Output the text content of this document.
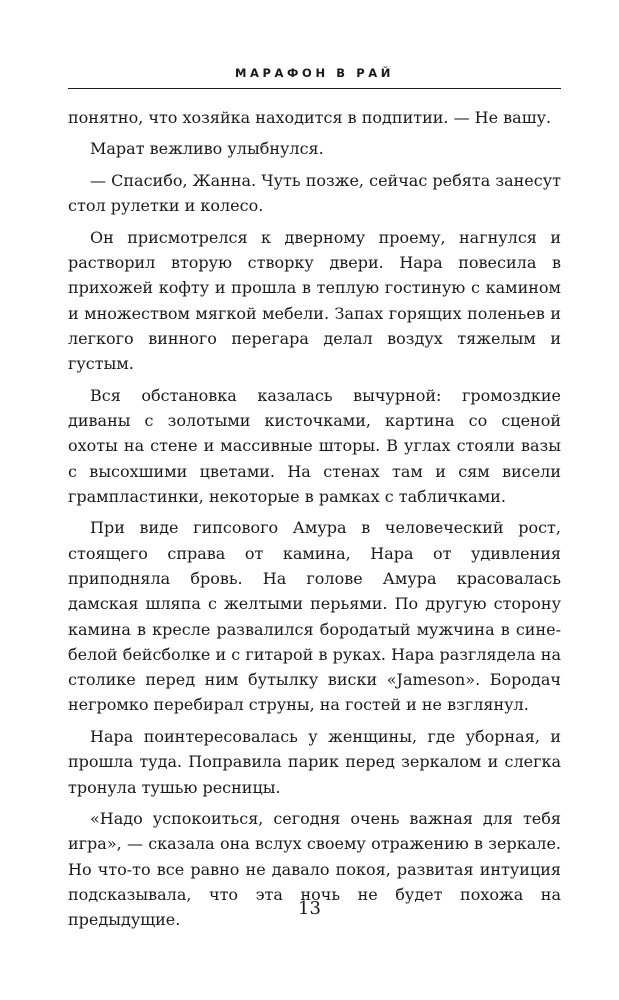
МАРАФОН В РАЙ

понятно, что хозяйка находится в подпитии. — Не вашу.

Марат вежливо улыбнулся.

— Спасибо, Жанна. Чуть позже, сейчас ребята занесут стол рулетки и колесо.

Он присмотрелся к дверному проему, нагнулся и растворил вторую створку двери. Нара повесила в прихожей кофту и прошла в теплую гостиную с камином и множеством мягкой мебели. Запах горящих поленьев и легкого винного перегара делал воздух тяжелым и густым.

Вся обстановка казалась вычурной: громоздкие диваны с золотыми кисточками, картина со сценой охоты на стене и массивные шторы. В углах стояли вазы с высохшими цветами. На стенах там и сям висели грампластинки, некоторые в рамках с табличками.

При виде гипсового Амура в человеческий рост, стоящего справа от камина, Нара от удивления приподняла бровь. На голове Амура красовалась дамская шляпа с желтыми перьями. По другую сторону камина в кресле развалился бородатый мужчина в сине-белой бейсболке и с гитарой в руках. Нара разглядела на столике перед ним бутылку виски «Jameson». Бородач негромко перебирал струны, на гостей и не взглянул.

Нара поинтересовалась у женщины, где уборная, и прошла туда. Поправила парик перед зеркалом и слегка тронула тушью ресницы.

«Надо успокоиться, сегодня очень важная для тебя игра», — сказала она вслух своему отражению в зеркале. Но что-то все равно не давало покоя, развитая интуиция подсказывала, что эта ночь не будет похожа на предыдущие.

13
